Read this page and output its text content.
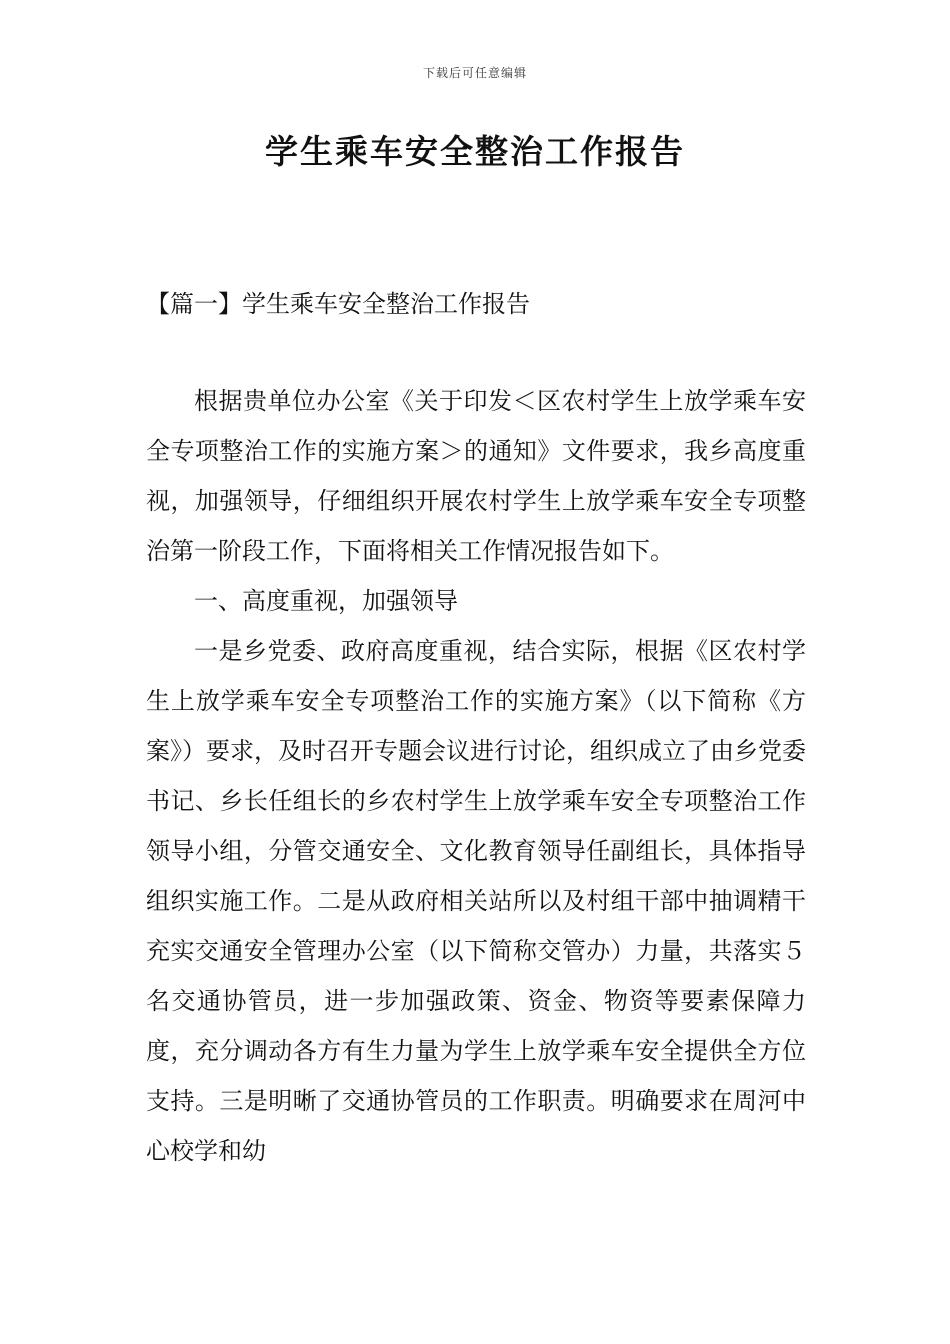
下载后可任意编辑
学生乘车安全整治工作报告
【篇一】学生乘车安全整治工作报告

根据贵单位办公室《关于印发＜区农村学生上放学乘车安全专项整治工作的实施方案＞的通知》文件要求，我乡高度重视，加强领导，仔细组织开展农村学生上放学乘车安全专项整治第一阶段工作，下面将相关工作情况报告如下。

一、高度重视，加强领导

一是乡党委、政府高度重视，结合实际，根据《区农村学生上放学乘车安全专项整治工作的实施方案》（以下简称《方案》）要求，及时召开专题会议进行讨论，组织成立了由乡党委书记、乡长任组长的乡农村学生上放学乘车安全专项整治工作领导小组，分管交通安全、文化教育领导任副组长，具体指导组织实施工作。二是从政府相关站所以及村组干部中抽调精干充实交通安全管理办公室（以下简称交管办）力量，共落实５名交通协管员，进一步加强政策、资金、物资等要素保障力度，充分调动各方有生力量为学生上放学乘车安全提供全方位支持。三是明晰了交通协管员的工作职责。明确要求在周河中心校学和幼
